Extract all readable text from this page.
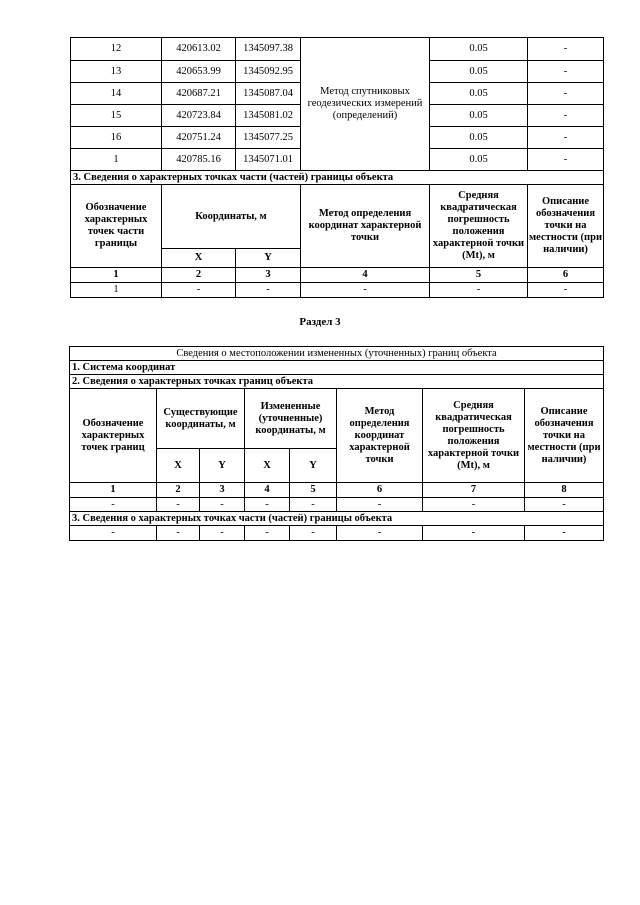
12	420613.02	1345097.38	Метод спутниковых геодезических измерений (определений)	0.05	-
13	420653.99	1345092.95		0.05	-
14	420687.21	1345087.04		0.05	-
15	420723.84	1345081.02		0.05	-
16	420751.24	1345077.25		0.05	-
1	420785.16	1345071.01		0.05	-
3. Сведения о характерных точках части (частей) границы объекта					
Обозначение характерных точек части границы	Координаты, м		Метод определения координат характерной точки	Средняя квадратическая погрешность положения характерной точки (Mt), м	Описание обозначения точки на местности (при наличии)
	X	Y			
1	2	3	4	5	6
1	-	-	-	-	-
Раздел 3
Сведения о местоположении измененных (уточненных) границ объекта							
1. Система координат							
2. Сведения о характерных точках границ объекта							
Обозначение характерных точек границ	Существующие координаты, м		Измененные (уточненные) координаты, м		Метод определения координат характерной точки	Средняя квадратическая погрешность положения характерной точки (Mt), м	Описание обозначения точки на местности (при наличии)
	X	Y	X	Y			
1	2	3	4	5	6	7	8
-	-	-	-	-	-	-	-
3. Сведения о характерных точках части (частей) границы объекта							
-	-	-	-	-	-	-	-
